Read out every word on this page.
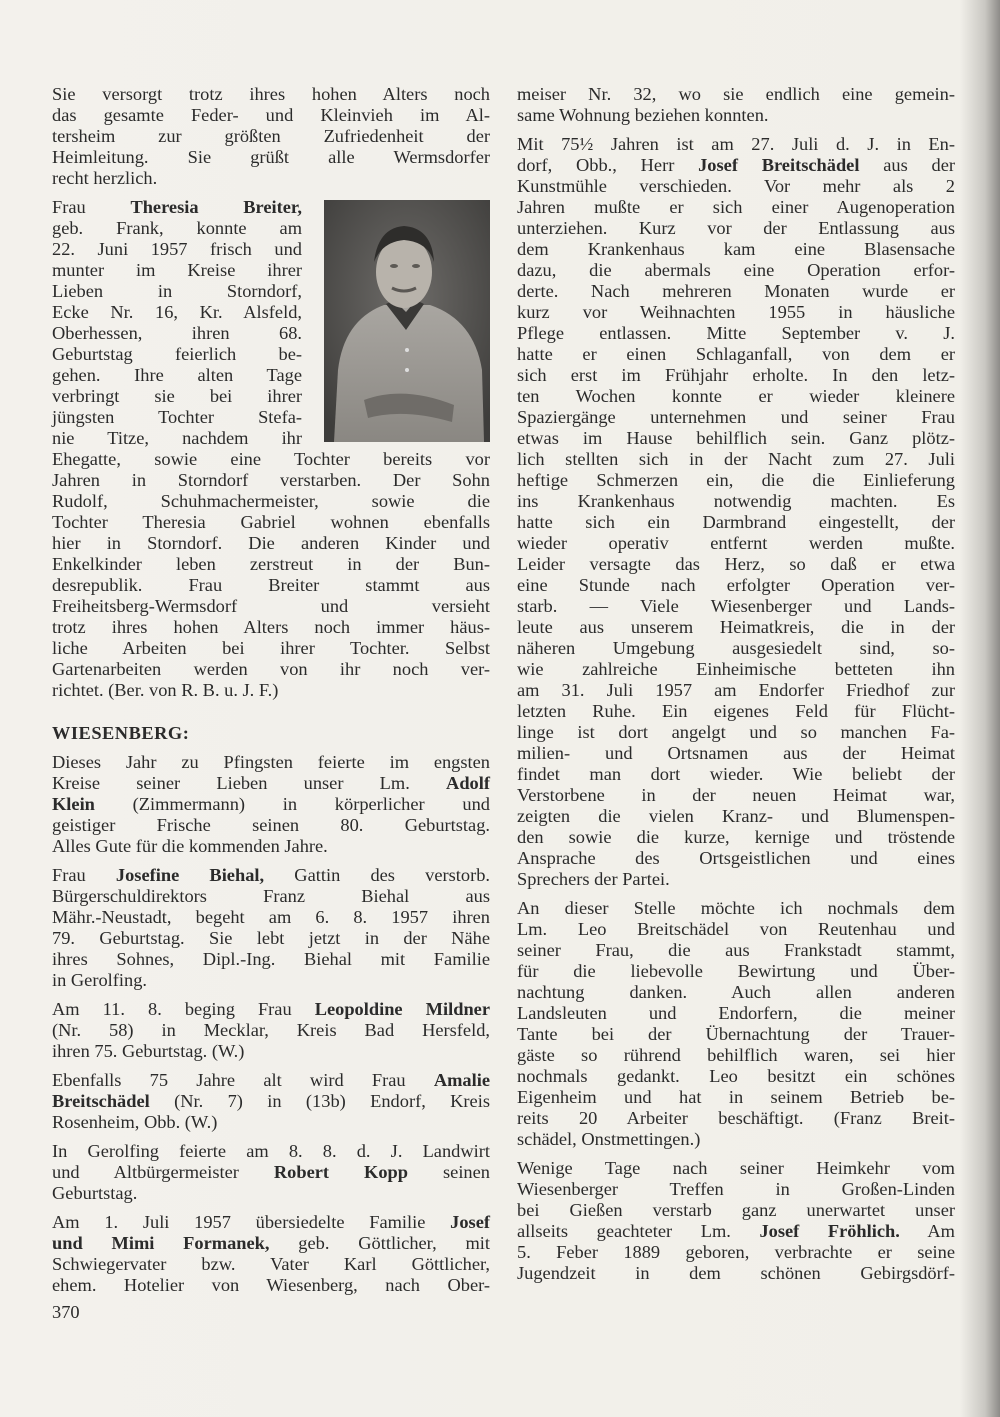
Sie versorgt trotz ihres hohen Alters noch
das gesamte Feder- und Kleinvieh im Al-
tersheim zur größten Zufriedenheit der
Heimleitung. Sie grüßt alle Wermsdorfer
recht herzlich.
Frau Theresia Breiter,
geb. Frank, konnte am
22. Juni 1957 frisch und
munter im Kreise ihrer
Lieben in Storndorf,
Ecke Nr. 16, Kr. Alsfeld,
Oberhessen, ihren 68.
Geburtstag feierlich be-
gehen. Ihre alten Tage
verbringt sie bei ihrer
jüngsten Tochter Stefa-
nie Titze, nachdem ihr
Ehegatte, sowie eine Tochter bereits vor
Jahren in Storndorf verstarben. Der Sohn
Rudolf, Schuhmachermeister, sowie die
Tochter Theresia Gabriel wohnen ebenfalls
hier in Storndorf. Die anderen Kinder und
Enkelkinder leben zerstreut in der Bun-
desrepublik. Frau Breiter stammt aus
Freiheitsberg-Wermsdorf und versieht
trotz ihres hohen Alters noch immer häus-
liche Arbeiten bei ihrer Tochter. Selbst
Gartenarbeiten werden von ihr noch ver-
richtet. (Ber. von R. B. u. J. F.)
WIESENBERG:
Dieses Jahr zu Pfingsten feierte im engsten
Kreise seiner Lieben unser Lm. Adolf
Klein (Zimmermann) in körperlicher und
geistiger Frische seinen 80. Geburtstag.
Alles Gute für die kommenden Jahre.
Frau Josefine Biehal, Gattin des verstorb.
Bürgerschuldirektors Franz Biehal aus
Mähr.-Neustadt, begeht am 6. 8. 1957 ihren
79. Geburtstag. Sie lebt jetzt in der Nähe
ihres Sohnes, Dipl.-Ing. Biehal mit Familie
in Gerolfing.
Am 11. 8. beging Frau Leopoldine Mildner
(Nr. 58) in Mecklar, Kreis Bad Hersfeld,
ihren 75. Geburtstag. (W.)
Ebenfalls 75 Jahre alt wird Frau Amalie
Breitschädel (Nr. 7) in (13b) Endorf, Kreis
Rosenheim, Obb. (W.)
In Gerolfing feierte am 8. 8. d. J. Landwirt
und Altbürgermeister Robert Kopp seinen
Geburtstag.
Am 1. Juli 1957 übersiedelte Familie Josef
und Mimi Formanek, geb. Göttlicher, mit
Schwiegervater bzw. Vater Karl Göttlicher,
ehem. Hotelier von Wiesenberg, nach Ober-
meiser Nr. 32, wo sie endlich eine gemein-
same Wohnung beziehen konnten.
Mit 75½ Jahren ist am 27. Juli d. J. in En-
dorf, Obb., Herr Josef Breitschädel aus der
Kunstmühle verschieden. Vor mehr als 2
Jahren mußte er sich einer Augenoperation
unterziehen. Kurz vor der Entlassung aus
dem Krankenhaus kam eine Blasensache
dazu, die abermals eine Operation erfor-
derte. Nach mehreren Monaten wurde er
kurz vor Weihnachten 1955 in häusliche
Pflege entlassen. Mitte September v. J.
hatte er einen Schlaganfall, von dem er
sich erst im Frühjahr erholte. In den letz-
ten Wochen konnte er wieder kleinere
Spaziergänge unternehmen und seiner Frau
etwas im Hause behilflich sein. Ganz plötz-
lich stellten sich in der Nacht zum 27. Juli
heftige Schmerzen ein, die die Einlieferung
ins Krankenhaus notwendig machten. Es
hatte sich ein Darmbrand eingestellt, der
wieder operativ entfernt werden mußte.
Leider versagte das Herz, so daß er etwa
eine Stunde nach erfolgter Operation ver-
starb. — Viele Wiesenberger und Lands-
leute aus unserem Heimatkreis, die in der
näheren Umgebung ausgesiedelt sind, so-
wie zahlreiche Einheimische betteten ihn
am 31. Juli 1957 am Endorfer Friedhof zur
letzten Ruhe. Ein eigenes Feld für Flücht-
linge ist dort angelgt und so manchen Fa-
milien- und Ortsnamen aus der Heimat
findet man dort wieder. Wie beliebt der
Verstorbene in der neuen Heimat war,
zeigten die vielen Kranz- und Blumenspen-
den sowie die kurze, kernige und tröstende
Ansprache des Ortsgeistlichen und eines
Sprechers der Partei.
An dieser Stelle möchte ich nochmals dem
Lm. Leo Breitschädel von Reutenhau und
seiner Frau, die aus Frankstadt stammt,
für die liebevolle Bewirtung und Über-
nachtung danken. Auch allen anderen
Landsleuten und Endorfern, die meiner
Tante bei der Übernachtung der Trauer-
gäste so rührend behilflich waren, sei hier
nochmals gedankt. Leo besitzt ein schönes
Eigenheim und hat in seinem Betrieb be-
reits 20 Arbeiter beschäftigt. (Franz Breit-
schädel, Onstmettingen.)
Wenige Tage nach seiner Heimkehr vom
Wiesenberger Treffen in Großen-Linden
bei Gießen verstarb ganz unerwartet unser
allseits geachteter Lm. Josef Fröhlich. Am
5. Feber 1889 geboren, verbrachte er seine
Jugendzeit in dem schönen Gebirgsdörf-
370
